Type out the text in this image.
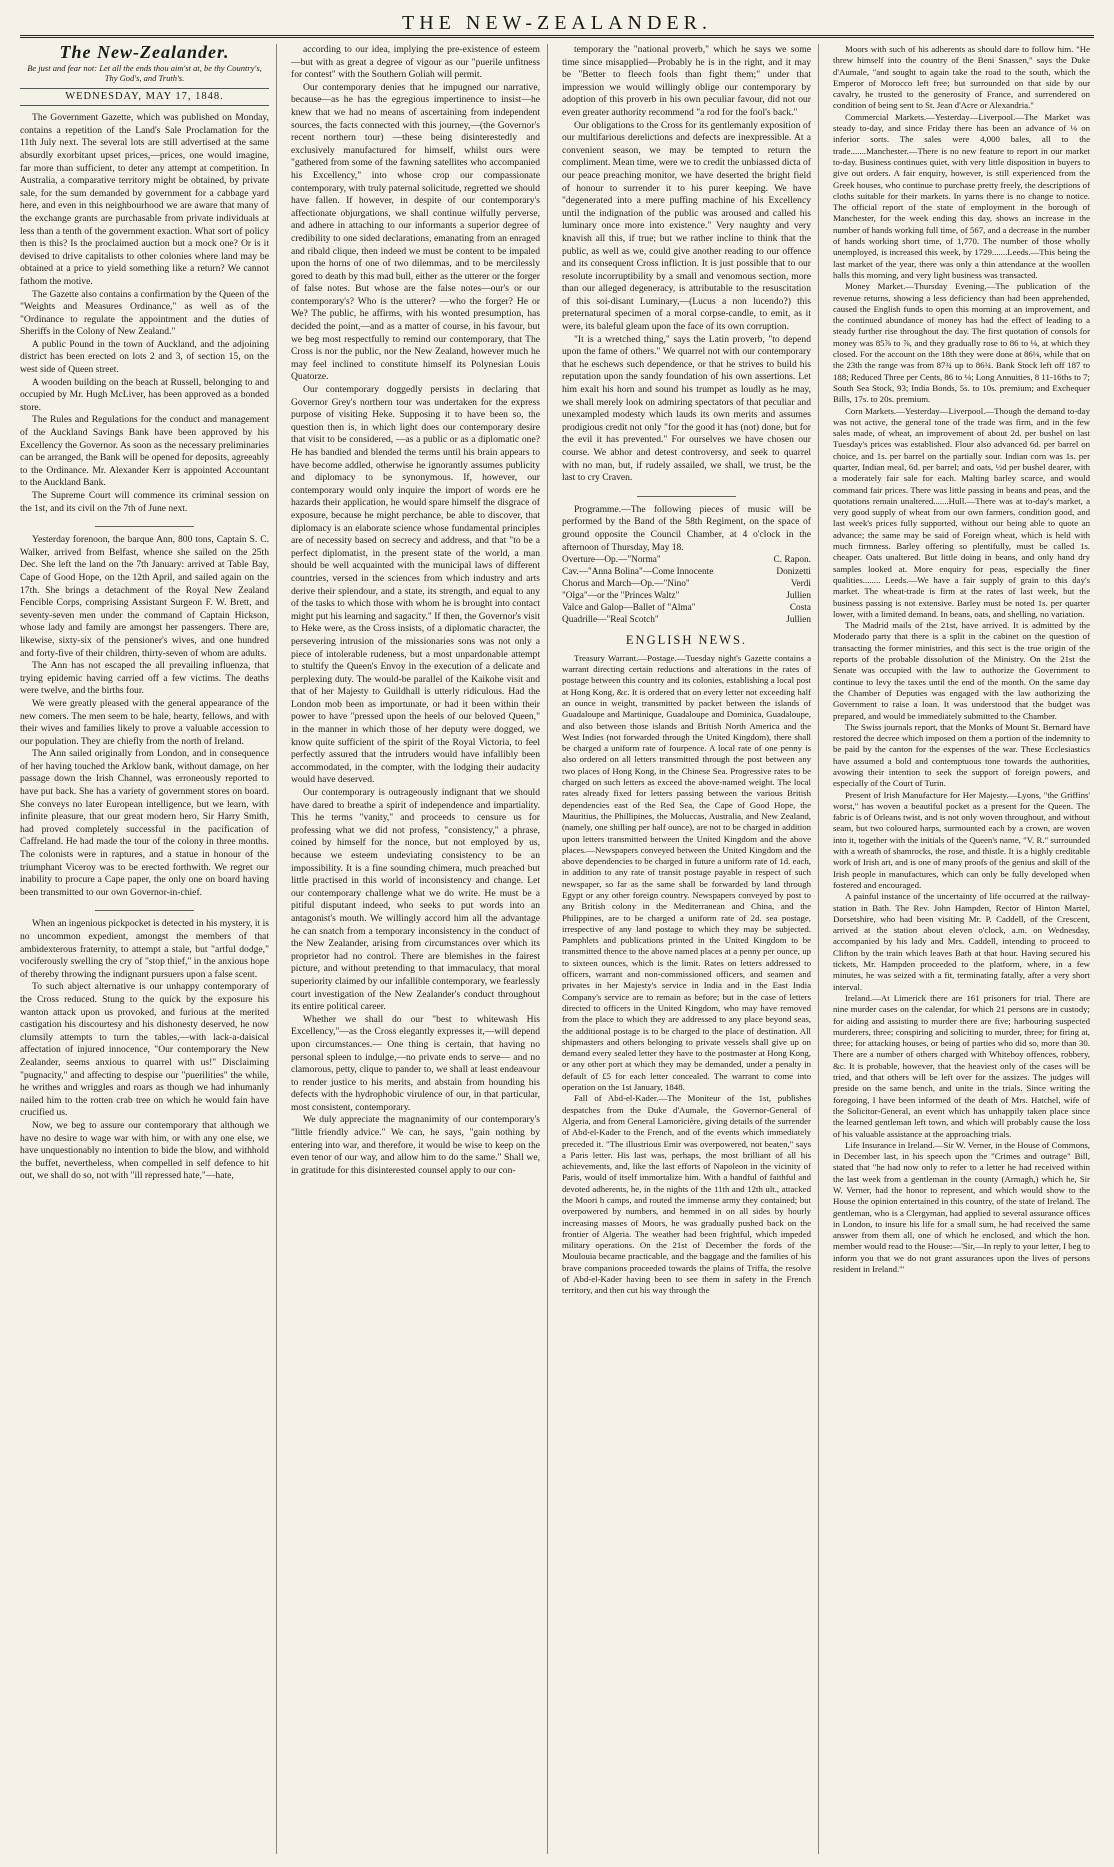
THE NEW-ZEALANDER.
The New-Zealander.
Be just and fear not: Let all the ends thou aim'st at, be thy Country's, Thy God's, and Truth's.
WEDNESDAY, MAY 17, 1848.

The Government Gazette, which was published on Monday, contains a repetition of the Land's Sale Proclamation for the 11th July next. The several lots are still advertised at the same absurdly exorbitant upset prices,—prices, one would imagine, far more than sufficient, to deter any attempt at competition. In Australia, a comparative territory might be obtained, by private sale, for the sum demanded by government for a cabbage yard here, and even in this neighbourhood we are aware that many of the exchange grants are purchasable from private individuals at less than a tenth of the government exaction. What sort of policy then is this? Is the proclaimed auction but a mock one? Or is it devised to drive capitalists to other colonies where land may be obtained at a price to yield something like a return? We cannot fathom the motive.

The Gazette also contains a confirmation by the Queen of the "Weights and Measures Ordinance," as well as of the "Ordinance to regulate the appointment and the duties of Sheriffs in the Colony of New Zealand."

A public Pound in the town of Auckland, and the adjoining district has been erected on lots 2 and 3, of section 15, on the west side of Queen street.

A wooden building on the beach at Russell, belonging to and occupied by Mr. Hugh McLiver, has been approved as a bonded store.

The Rules and Regulations for the conduct and management of the Auckland Savings Bank have been approved by his Excellency the Governor. As soon as the necessary preliminaries can be arranged, the Bank will be opened for deposits, agreeably to the Ordinance. Mr. Alexander Kerr is appointed Accountant to the Auckland Bank.

The Supreme Court will commence its criminal session on the 1st, and its civil on the 7th of June next.

Yesterday forenoon, the barque Ann, 800 tons, Captain S. C. Walker, arrived from Belfast, whence she sailed on the 25th Dec. She left the land on the 7th January: arrived at Table Bay, Cape of Good Hope, on the 12th April, and sailed again on the 17th. She brings a detachment of the Royal New Zealand Fencible Corps, comprising Assistant Surgeon F. W. Brett, and seventy-seven men under the command of Captain Hickson, whose lady and family are amongst her passengers. There are, likewise, sixty-six of the pensioner's wives, and one hundred and forty-five of their children, thirty-seven of whom are adults.

The Ann has not escaped the all prevailing influenza, that trying epidemic having carried off a few victims. The deaths were twelve, and the births four.

We were greatly pleased with the general appearance of the new comers. The men seem to be hale, hearty, fellows, and with their wives and families likely to prove a valuable accession to our population. They are chiefly from the north of Ireland.

The Ann sailed originally from London, and in consequence of her having touched the Arklow bank, without damage, on her passage down the Irish Channel, was erroneously reported to have put back. She has a variety of government stores on board. She conveys no later European intelligence, but we learn, with infinite pleasure, that our great modern hero, Sir Harry Smith, had proved completely successful in the pacification of Caffreland. He had made the tour of the colony in three months. The colonists were in raptures, and a statue in honour of the triumphant Viceroy was to be erected forthwith. We regret our inability to procure a Cape paper, the only one on board having been transmitted to our own Governor-in-chief.

When an ingenious pickpocket is detected in his mystery, it is no uncommon expedient, amongst the members of that ambidexterous fraternity, to attempt a stale, but "artful dodge," vociferously swelling the cry of "stop thief," in the anxious hope of thereby throwing the indignant pursuers upon a false scent.

To such abject alternative is our unhappy contemporary of the Cross reduced. Stung to the quick by the exposure his wanton attack upon us provoked, and furious at the merited castigation his discourtesy and his dishonesty deserved, he now clumsily attempts to turn the tables,—with lack-a-daisical affectation of injured innocence, "Our contemporary the New Zealander, seems anxious to quarrel with us!" Disclaiming "pugnacity," and affecting to despise our "puerilities" the while, he writhes and wriggles and roars as though we had inhumanly nailed him to the rotten crab tree on which he would fain have crucified us.

Now, we beg to assure our contemporary that although we have no desire to wage war with him, or with any one else, we have unquestionably no intention to bide the blow, and withhold the buffet, nevertheless, when compelled in self defence to hit out, we shall do so, not with "ill repressed hate,"—hate,

according to our idea, implying the pre-existence of esteem—but with as great a degree of vigour as our "puerile unfitness for contest" with the Southern Goliah will permit.

Our contemporary denies that he impugned our narrative, because—as he has the egregious impertinence to insist—he knew that we had no means of ascertaining from independent sources, the facts connected with this journey,—(the Governor's recent northern tour) —these being disinterestedly and exclusively manufactured for himself, whilst ours were "gathered from some of the fawning satellites who accompanied his Excellency," into whose crop our compassionate contemporary, with truly paternal solicitude, regretted we should have fallen. If however, in despite of our contemporary's affectionate objurgations, we shall continue wilfully perverse, and adhere in attaching to our informants a superior degree of credibility to one sided declarations, emanating from an enraged and ribald clique, then indeed we must be content to be impaled upon the horns of one of two dilemmas, and to be mercilessly gored to death by this mad bull, either as the utterer or the forger of false notes. But whose are the false notes—our's or our contemporary's? Who is the utterer? —who the forger? He or We? The public, he affirms, with his wonted presumption, has decided the point,—and as a matter of course, in his favour, but we beg most respectfully to remind our contemporary, that The Cross is nor the public, nor the New Zealand, however much he may feel inclined to constitute himself its Polynesian Louis Quatorze.

Our contemporary doggedly persists in declaring that Governor Grey's northern tour was undertaken for the express purpose of visiting Heke. Supposing it to have been so, the question then is, in which light does our contemporary desire that visit to be considered, —as a public or as a diplomatic one? He has bandied and blended the terms until his brain appears to have become addled, otherwise he ignorantly assumes publicity and diplomacy to be synonymous. If, however, our contemporary would only inquire the import of words ere he hazards their application, he would spare himself the disgrace of exposure, because he might perchance, be able to discover, that diplomacy is an elaborate science whose fundamental principles are of necessity based on secrecy and address, and that "to be a perfect diplomatist, in the present state of the world, a man should be well acquainted with the municipal laws of different countries, versed in the sciences from which industry and arts derive their splendour, and a state, its strength, and equal to any of the tasks to which those with whom he is brought into contact might put his learning and sagacity." If then, the Governor's visit to Heke were, as the Cross insists, of a diplomatic character, the persevering intrusion of the missionaries sons was not only a piece of intolerable rudeness, but a most unpardonable attempt to stultify the Queen's Envoy in the execution of a delicate and perplexing duty. The would-be parallel of the Kaikohe visit and that of her Majesty to Guildhall is utterly ridiculous. Had the London mob been as importunate, or had it been within their power to have "pressed upon the heels of our beloved Queen," in the manner in which those of her deputy were dogged, we know quite sufficient of the spirit of the Royal Victoria, to feel perfectly assured that the intruders would have infallibly been accommodated, in the compter, with the lodging their audacity would have deserved.

Our contemporary is outrageously indignant that we should have dared to breathe a spirit of independence and impartiality. This he terms "vanity," and proceeds to censure us for professing what we did not profess, "consistency," a phrase, coined by himself for the nonce, but not employed by us, because we esteem undeviating consistency to be an impossibility. It is a fine sounding chimera, much preached but little practised in this world of inconsistency and change. Let our contemporary challenge what we do write. He must be a pitiful disputant indeed, who seeks to put words into an antagonist's mouth. We willingly accord him all the advantage he can snatch from a temporary inconsistency in the conduct of the New Zealander, arising from circumstances over which its proprietor had no control. There are blemishes in the fairest picture, and without pretending to that immaculacy, that moral superiority claimed by our infallible contemporary, we fearlessly court investigation of the New Zealander's conduct throughout its entire political career.

Whether we shall do our "best to whitewash His Excellency,"—as the Cross elegantly expresses it,—will depend upon circumstances.— One thing is certain, that having no personal spleen to indulge,—no private ends to serve— and no clamorous, petty, clique to pander to, we shall at least endeavour to render justice to his merits, and abstain from hounding his defects with the hydrophobic virulence of our, in that particular, most consistent, contemporary.

We duly appreciate the magnanimity of our contemporary's "little friendly advice." We can, he says, "gain nothing by entering into war, and therefore, it would be wise to keep on the even tenor of our way, and allow him to do the same." Shall we, in gratitude for this disinterested counsel apply to our con-

temporary the "national proverb," which he says we some time since misapplied—Probably he is in the right, and it may be "Better to fleech fools than fight them;" under that impression we would willingly oblige our contemporary by adoption of this proverb in his own peculiar favour, did not our even greater authority recommend "a rod for the fool's back."

Our obligations to the Cross for its gentlemanly exposition of our multifarious derelictions and defects are inexpressible. At a convenient season, we may be tempted to return the compliment. Mean time, were we to credit the unbiassed dicta of our peace preaching monitor, we have deserted the bright field of honour to surrender it to his purer keeping. We have "degenerated into a mere puffing machine of his Excellency until the indignation of the public was aroused and called his luminary once more into existence." Very naughty and very knavish all this, if true; but we rather incline to think that the public, as well as we, could give another reading to our offence and its consequent Cross infliction. It is just possible that to our resolute incorruptibility by a small and venomous section, more than our alleged degeneracy, is attributable to the resuscitation of this soi-disant Luminary,—(Lucus a non lucendo?) this preternatural specimen of a moral corpse-candle, to emit, as it were, its baleful gleam upon the face of its own corruption.

"It is a wretched thing," says the Latin proverb, "to depend upon the fame of others." We quarrel not with our contemporary that he eschews such dependence, or that he strives to build his reputation upon the sandy foundation of his own assertions. Let him exalt his horn and sound his trumpet as loudly as he may, we shall merely look on admiring spectators of that peculiar and unexampled modesty which lauds its own merits and assumes prodigious credit not only "for the good it has (not) done, but for the evil it has prevented." For ourselves we have chosen our course. We abhor and detest controversy, and seek to quarrel with no man, but, if rudely assailed, we shall, we trust, be the last to cry Craven.

Programme.—The following pieces of music will be performed by the Band of the 58th Regiment, on the space of ground opposite the Council Chamber, at 4 o'clock in the afternoon of Thursday, May 18.

Overture—Op.—"Norma"	C. Rapon.
Cav.—"Anna Bolina"—Come Innocente	Donizetti
Chorus and March—Op.—"Nino"	Verdi
"Olga"—or the "Princes Waltz"	Jullien
Valce and Galop—Ballet of "Alma"	Costa
Quadrille—"Real Scotch"	Jullien
ENGLISH NEWS.

Treasury Warrant.—Postage.—Tuesday night's Gazette contains a warrant directing certain reductions and alterations in the rates of postage between this country and its colonies, establishing a local post at Hong Kong, &c. It is ordered that on every letter not exceeding half an ounce in weight, transmitted by packet between the islands of Guadaloupe and Martinique, Guadaloupe and Dominica, Guadaloupe, and also between those islands and British North America and the West Indies (not forwarded through the United Kingdom), there shall be charged a uniform rate of fourpence. A local rate of one penny is also ordered on all letters transmitted through the post between any two places of Hong Kong, in the Chinese Sea. Progressive rates to be charged on such letters as exceed the above-named weight. The local rates already fixed for letters passing between the various British dependencies east of the Red Sea, the Cape of Good Hope, the Mauritius, the Phillipines, the Moluccas, Australia, and New Zealand, (namely, one shilling per half ounce), are not to be charged in addition upon letters transmitted between the United Kingdom and the above places.—Newspapers conveyed between the United Kingdom and the above dependencies to be charged in future a uniform rate of 1d. each, in addition to any rate of transit postage payable in respect of such newspaper, so far as the same shall be forwarded by land through Egypt or any other foreign country. Newspapers conveyed by post to any British colony in the Mediterranean and China, and the Philippines, are to be charged a uniform rate of 2d. sea postage, irrespective of any land postage to which they may be subjected. Pamphlets and publications printed in the United Kingdom to be transmitted thence to the above named places at a penny per ounce, up to sixteen ounces, which is the limit. Rates on letters addressed to officers, warrant and non-commissioned officers, and seamen and privates in her Majesty's service in India and in the East India Company's service are to remain as before; but in the case of letters directed to officers in the United Kingdom, who may have removed from the place to which they are addressed to any place beyond seas, the additional postage is to be charged to the place of destination. All shipmasters and others belonging to private vessels shall give up on demand every sealed letter they have to the postmaster at Hong Kong, or any other port at which they may be demanded, under a penalty in default of £5 for each letter concealed. The warrant to come into operation on the 1st January, 1848.

Fall of Abd-el-Kader.—The Moniteur of the 1st, publishes despatches from the Duke d'Aumale, the Governor-General of Algeria, and from General Lamoricière, giving details of the surrender of Abd-el-Kader to the French, and of the events which immediately preceded it. "The illustrious Emir was overpowered, not beaten," says a Paris letter. His last was, perhaps, the most brilliant of all his achievements, and, like the last efforts of Napoleon in the vicinity of Paris, would of itself immortalize him. With a handful of faithful and devoted adherents, he, in the nights of the 11th and 12th ult., attacked the Moori h camps, and routed the immense army they contained; but overpowered by numbers, and hemmed in on all sides by hourly increasing masses of Moors, he was gradually pushed back on the frontier of Algeria. The weather had been frightful, which impeded military operations. On the 21st of December the fords of the Moulouia became practicable, and the baggage and the families of his brave companions proceeded towards the plains of Triffa, the resolve of Abd-el-Kader having been to see them in safety in the French territory, and then cut his way through the

Moors with such of his adherents as should dare to follow him. "He threw himself into the country of the Beni Snassen," says the Duke d'Aumale, "and sought to again take the road to the south, which the Emperor of Morocco left free; but surrounded on that side by our cavalry, he trusted to the generosity of France, and surrendered on condition of being sent to St. Jean d'Acre or Alexandria."

Commercial Markets.—Yesterday—Liverpool.—The Market was steady to-day, and since Friday there has been an advance of ⅛ on inferior sorts. The sales were 4,000 bales, all to the trade.......Manchester.—There is no new feature to report in our market to-day. Business continues quiet, with very little disposition in buyers to give out orders. A fair enquiry, however, is still experienced from the Greek houses, who continue to purchase pretty freely, the descriptions of cloths suitable for their markets. In yarns there is no change to notice. The official report of the state of employment in the borough of Manchester, for the week ending this day, shows an increase in the number of hands working full time, of 567, and a decrease in the number of hands working short time, of 1,770. The number of those wholly unemployed, is increased this week, by 1729.......Leeds.—This being the last market of the year, there was only a thin attendance at the woollen halls this morning, and very light business was transacted.

Money Market.—Thursday Evening.—The publication of the revenue returns, showing a less deficiency than had been apprehended, caused the English funds to open this morning at an improvement, and the continued abundance of money has had the effect of leading to a steady further rise throughout the day. The first quotation of consols for money was 85⅞ to ⅞, and they gradually rose to 86 to ⅛, at which they closed. For the account on the 18th they were done at 86⅛, while that on the 23th the range was from 87¾ up to 86¾. Bank Stock left off 187 to 188; Reduced Three per Cents, 86 to ⅛; Long Annuities, 8 11-16ths to 7; South Sea Stock, 93; India Bonds, 5s. to 10s. premium; and Exchequer Bills, 17s. to 20s. premium.

Corn Markets.—Yesterday—Liverpool.—Though the demand to-day was not active, the general tone of the trade was firm, and in the few sales made, of wheat, an improvement of about 2d. per bushel on last Tuesday's prices was established. Flour also advanced 6d. per barrel on choice, and 1s. per barrel on the partially sour. Indian corn was 1s. per quarter, Indian meal, 6d. per barrel; and oats, ½d per bushel dearer, with a moderately fair sale for each. Malting barley scarce, and would command fair prices. There was little passing in beans and peas, and the quotations remain unaltered.......Hull.—There was at to-day's market, a very good supply of wheat from our own farmers, condition good, and last week's prices fully supported, without our being able to quote an advance; the same may be said of Foreign wheat, which is held with much firmness. Barley offering so plentifully, must be called 1s. cheaper. Oats unaltered. But little doing in beans, and only hand dry samples looked at. More enquiry for peas, especially the finer qualities........ Leeds.—We have a fair supply of grain to this day's market. The wheat-trade is firm at the rates of last week, but the business passing is not extensive. Barley must be noted 1s. per quarter lower, with a limited demand. In beans, oats, and shelling, no variation.

The Madrid mails of the 21st, have arrived. It is admitted by the Moderado party that there is a split in the cabinet on the question of transacting the former ministries, and this sect is the true origin of the reports of the probable dissolution of the Ministry. On the 21st the Senate was occupied with the law to authorize the Government to continue to levy the taxes until the end of the month. On the same day the Chamber of Deputies was engaged with the law authorizing the Government to raise a loan. It was understood that the budget was prepared, and would be immediately submitted to the Chamber.

The Swiss journals report, that the Monks of Mount St. Bernard have restored the decree which imposed on them a portion of the indemnity to be paid by the canton for the expenses of the war. These Ecclesiastics have assumed a bold and contemptuous tone towards the authorities, avowing their intention to seek the support of foreign powers, and especially of the Court of Turin.

Present of Irish Manufacture for Her Majesty.—Lyons, "the Griffins' worst," has woven a beautiful pocket as a present for the Queen. The fabric is of Orleans twist, and is not only woven throughout, and without seam, but two coloured harps, surmounted each by a crown, are woven into it, together with the initials of the Queen's name, "V. R." surrounded with a wreath of shamrocks, the rose, and thistle. It is a highly creditable work of Irish art, and is one of many proofs of the genius and skill of the Irish people in manufactures, which can only be fully developed when fostered and encouraged.

A painful instance of the uncertainty of life occurred at the railway-station in Bath. The Rev. John Hampden, Rector of Hinton Martel, Dorsetshire, who had been visiting Mr. P. Caddell, of the Crescent, arrived at the station about eleven o'clock, a.m. on Wednesday, accompanied by his lady and Mrs. Caddell, intending to proceed to Clifton by the train which leaves Bath at that hour. Having secured his tickets, Mr. Hampden proceeded to the platform, where, in a few minutes, he was seized with a fit, terminating fatally, after a very short interval.

Ireland.—At Limerick there are 161 prisoners for trial. There are nine murder cases on the calendar, for which 21 persons are in custody; for aiding and assisting to murder there are five; harbouring suspected murderers, three; conspiring and soliciting to murder, three; for firing at, three; for attacking houses, or being of parties who did so, more than 30. There are a number of others charged with Whiteboy offences, robbery, &c. It is probable, however, that the heaviest only of the cases will be tried, and that others will be left over for the assizes. The judges will preside on the same bench, and unite in the trials. Since writing the foregoing, I have been informed of the death of Mrs. Hatchel, wife of the Solicitor-General, an event which has unhappily taken place since the learned gentleman left town, and which will probably cause the loss of his valuable assistance at the approaching trials.

Life Insurance in Ireland.—Sir W. Verner, in the House of Commons, in December last, in his speech upon the "Crimes and outrage" Bill, stated that "he had now only to refer to a letter he had received within the last week from a gentleman in the county (Armagh,) which he, Sir W. Verner, had the honor to represent, and which would show to the House the opinion entertained in this country, of the state of Ireland. The gentleman, who is a Clergyman, had applied to several assurance offices in London, to insure his life for a small sum, he had received the same answer from them all, one of which he enclosed, and which the hon. member would read to the House:—'Sir,—In reply to your letter, I beg to inform you that we do not grant assurances upon the lives of persons resident in Ireland.'"
